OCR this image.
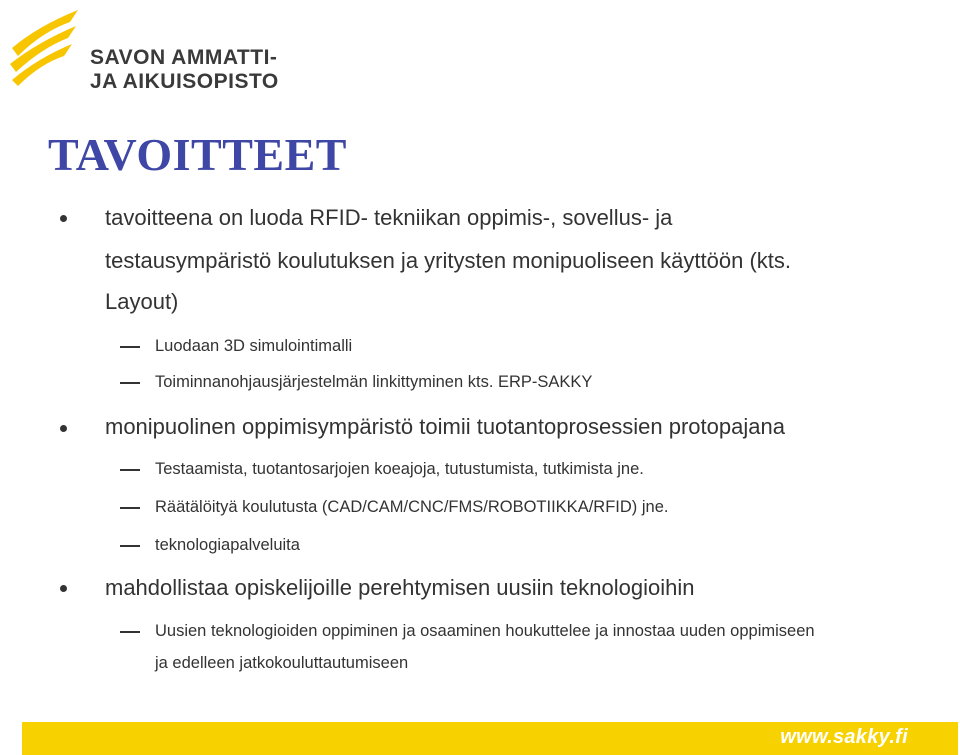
SAVON AMMATTI-
JA AIKUISOPISTO
TAVOITTEET
tavoitteena on luoda RFID- tekniikan oppimis-, sovellus- ja
testausympäristö koulutuksen ja yritysten monipuoliseen käyttöön (kts.
Layout)
Luodaan 3D simulointimalli
Toiminnanohjausjärjestelmän linkittyminen kts. ERP-SAKKY
monipuolinen oppimisympäristö toimii tuotantoprosessien protopajana
Testaamista, tuotantosarjojen koeajoja, tutustumista, tutkimista jne.
Räätälöityä koulutusta (CAD/CAM/CNC/FMS/ROBOTIIKKA/RFID) jne.
teknologiapalveluita
mahdollistaa opiskelijoille perehtymisen uusiin teknologioihin
Uusien teknologioiden oppiminen ja osaaminen houkuttelee ja innostaa uuden oppimiseen
ja edelleen jatkokouluttautumiseen
www.sakky.fi
